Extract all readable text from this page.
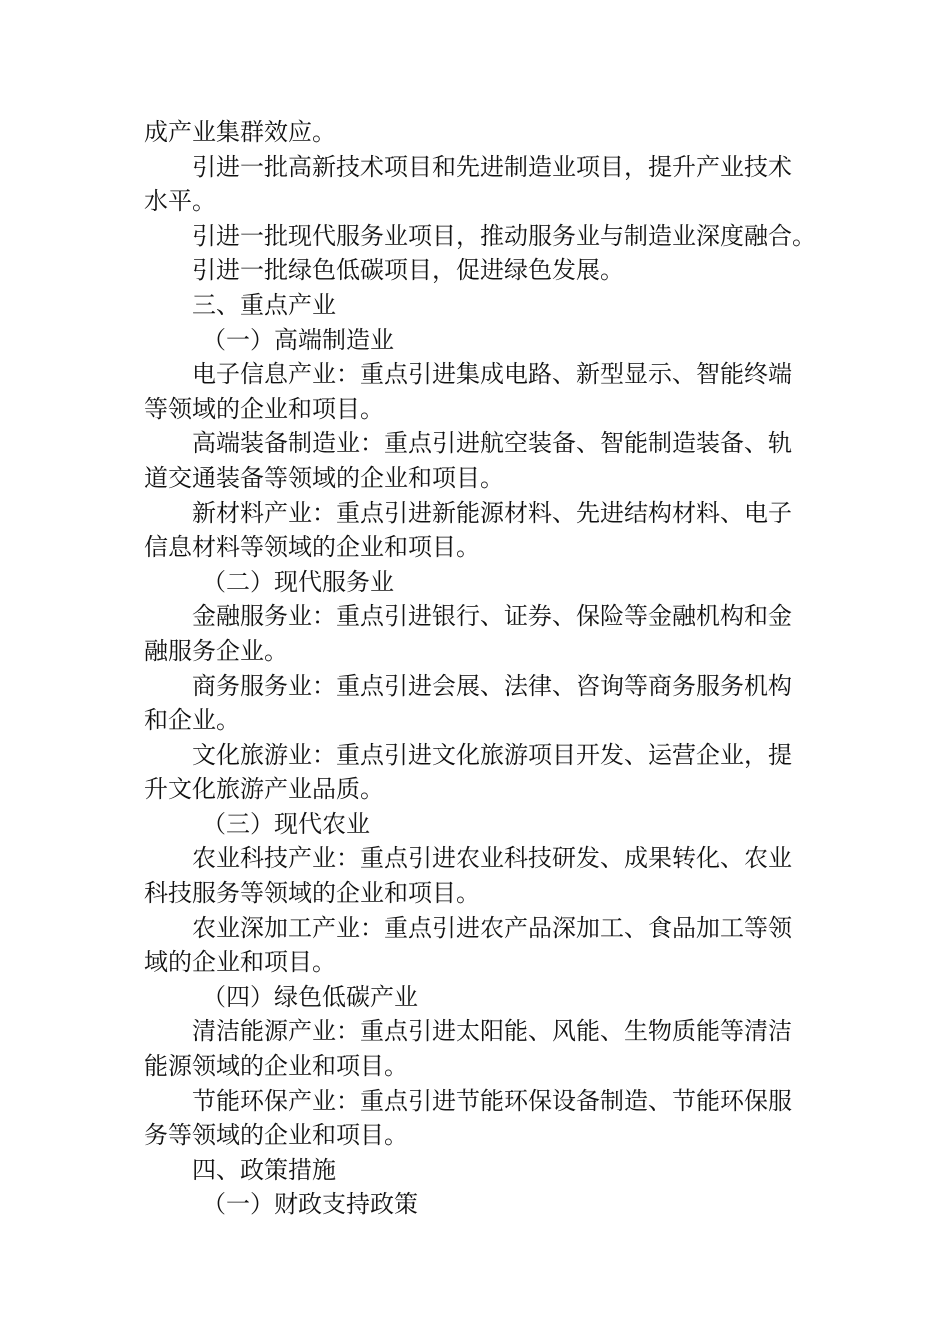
成产业集群效应。
引进一批高新技术项目和先进制造业项目，提升产业技术
水平。
引进一批现代服务业项目，推动服务业与制造业深度融合。
引进一批绿色低碳项目，促进绿色发展。
三、重点产业
（一）高端制造业
电子信息产业：重点引进集成电路、新型显示、智能终端
等领域的企业和项目。
高端装备制造业：重点引进航空装备、智能制造装备、轨
道交通装备等领域的企业和项目。
新材料产业：重点引进新能源材料、先进结构材料、电子
信息材料等领域的企业和项目。
（二）现代服务业
金融服务业：重点引进银行、证券、保险等金融机构和金
融服务企业。
商务服务业：重点引进会展、法律、咨询等商务服务机构
和企业。
文化旅游业：重点引进文化旅游项目开发、运营企业，提
升文化旅游产业品质。
（三）现代农业
农业科技产业：重点引进农业科技研发、成果转化、农业
科技服务等领域的企业和项目。
农业深加工产业：重点引进农产品深加工、食品加工等领
域的企业和项目。
（四）绿色低碳产业
清洁能源产业：重点引进太阳能、风能、生物质能等清洁
能源领域的企业和项目。
节能环保产业：重点引进节能环保设备制造、节能环保服
务等领域的企业和项目。
四、政策措施
（一）财政支持政策
